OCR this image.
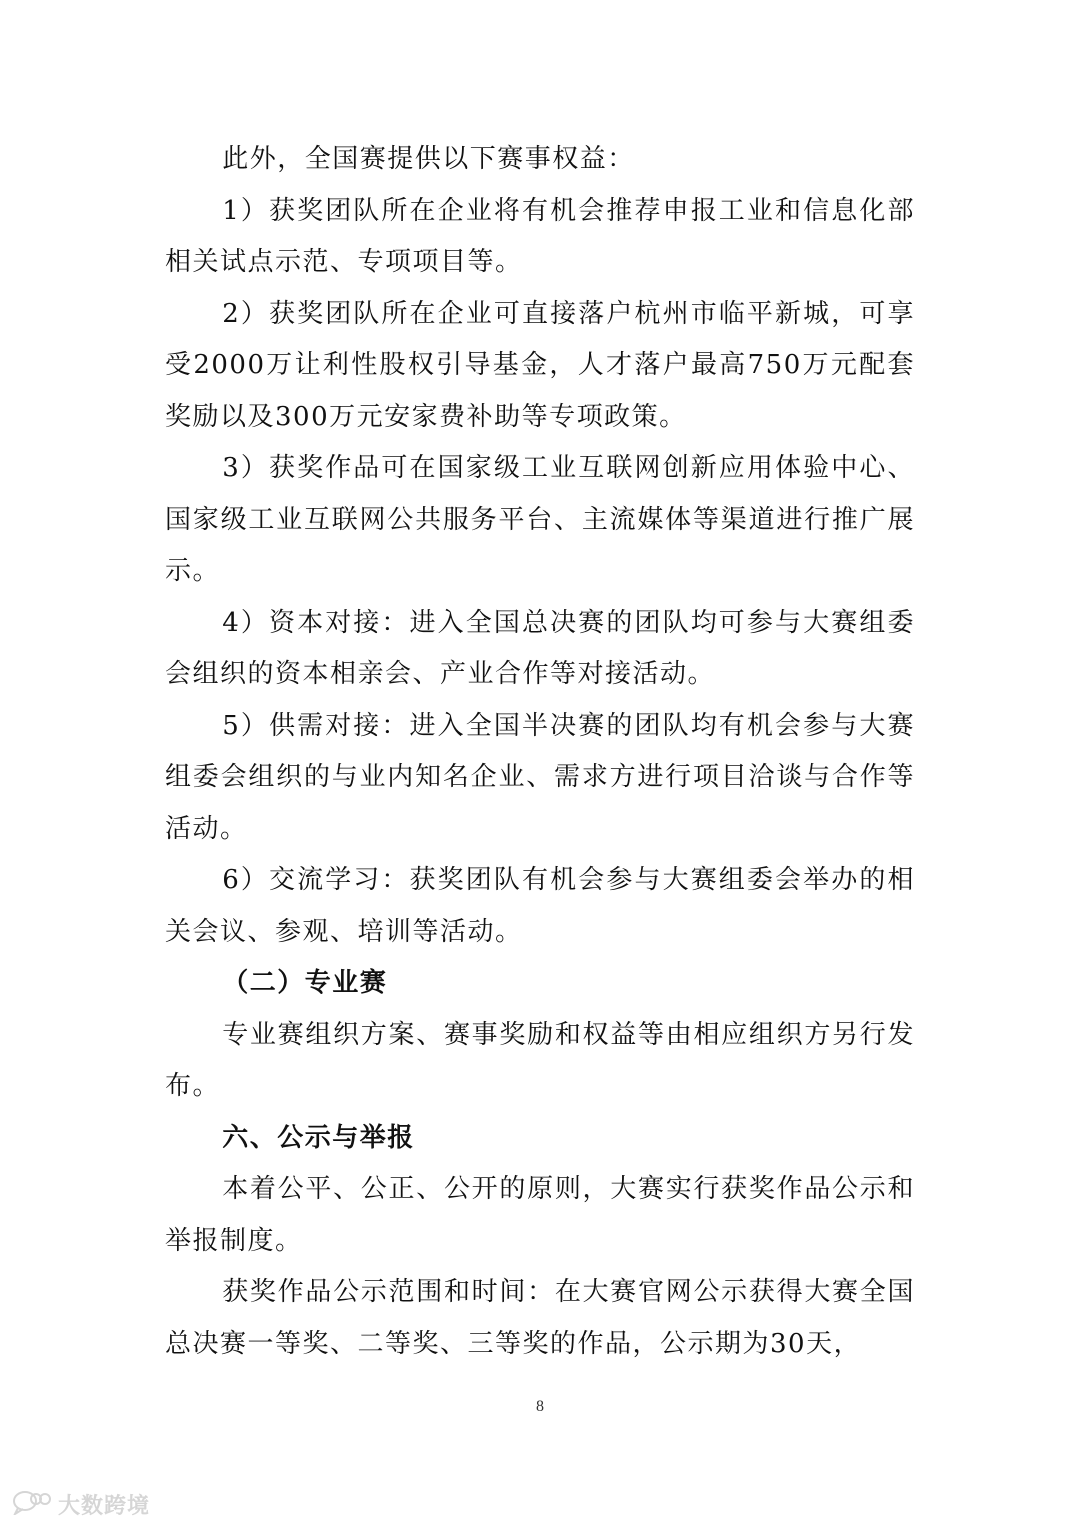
此外，全国赛提供以下赛事权益：

1）获奖团队所在企业将有机会推荐申报工业和信息化部相关试点示范、专项项目等。

2）获奖团队所在企业可直接落户杭州市临平新城，可享受2000万让利性股权引导基金，人才落户最高750万元配套奖励以及300万元安家费补助等专项政策。

3）获奖作品可在国家级工业互联网创新应用体验中心、国家级工业互联网公共服务平台、主流媒体等渠道进行推广展示。

4）资本对接：进入全国总决赛的团队均可参与大赛组委会组织的资本相亲会、产业合作等对接活动。

5）供需对接：进入全国半决赛的团队均有机会参与大赛组委会组织的与业内知名企业、需求方进行项目洽谈与合作等活动。

6）交流学习：获奖团队有机会参与大赛组委会举办的相关会议、参观、培训等活动。

（二）专业赛

专业赛组织方案、赛事奖励和权益等由相应组织方另行发布。

六、公示与举报

本着公平、公正、公开的原则，大赛实行获奖作品公示和举报制度。

获奖作品公示范围和时间：在大赛官网公示获得大赛全国总决赛一等奖、二等奖、三等奖的作品，公示期为30天，

8
大数跨境
